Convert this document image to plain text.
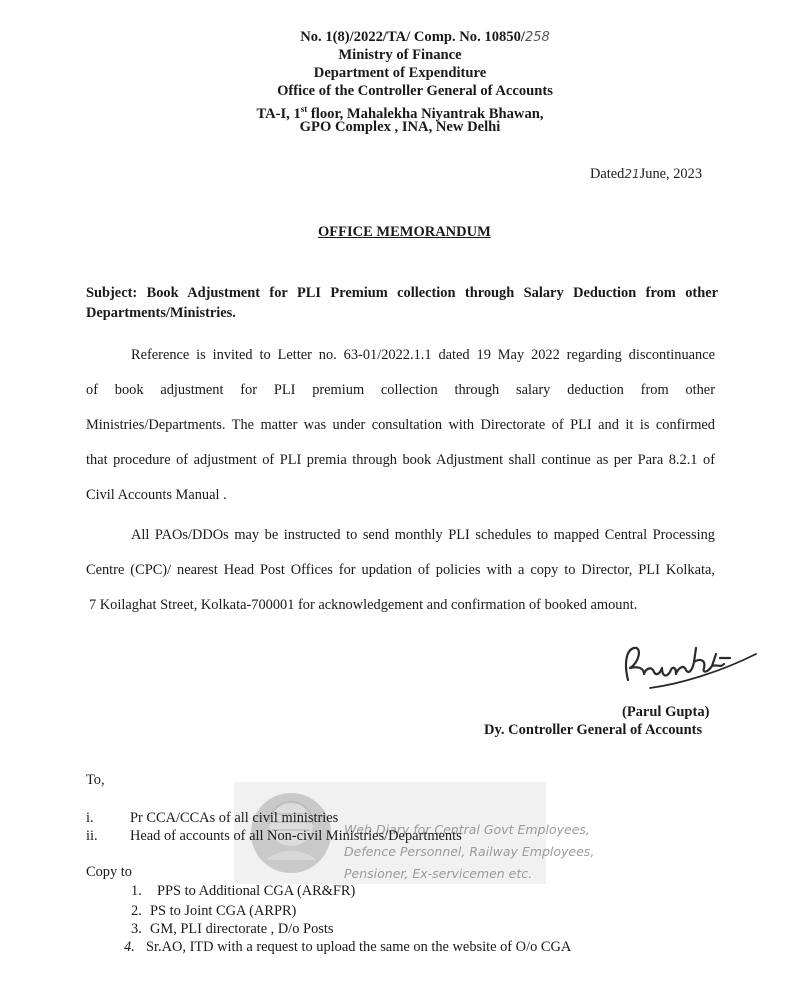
No. 1(8)/2022/TA/ Comp. No. 10850/258
Ministry of Finance
Department of Expenditure
Office of the Controller General of Accounts
TA-I, 1st floor, Mahalekha Niyantrak Bhawan,
GPO Complex , INA, New Delhi
Dated21June, 2023
OFFICE MEMORANDUM
Subject: Book Adjustment for PLI Premium collection through Salary Deduction from other Departments/Ministries.
Reference is invited to Letter no. 63-01/2022.1.1 dated 19 May 2022 regarding discontinuance
of book adjustment for PLI premium collection through salary deduction from other
Ministries/Departments. The matter was under consultation with Directorate of PLI and it is confirmed
that procedure of adjustment of PLI premia through book Adjustment shall continue as per Para 8.2.1 of
Civil Accounts Manual .
All PAOs/DDOs may be instructed to send monthly PLI schedules to mapped Central Processing
Centre (CPC)/ nearest Head Post Offices for updation of policies with a copy to Director, PLI Kolkata,
7 Koilaghat Street, Kolkata-700001 for acknowledgement and confirmation of booked amount.
(Parul Gupta)
Dy. Controller General of Accounts
Web Diary for Central Govt Employees,
Defence Personnel, Railway Employees,
Pensioner, Ex-servicemen etc.
To,
i.	Pr CCA/CCAs of all civil ministries
ii. Head of accounts of all Non-civil Ministries/Departments
Copy to
1. PPS to Additional CGA (AR&FR)
2. PS to Joint CGA (ARPR)
3. GM, PLI directorate , D/o Posts
4. Sr.AO, ITD with a request to upload the same on the website of O/o CGA
